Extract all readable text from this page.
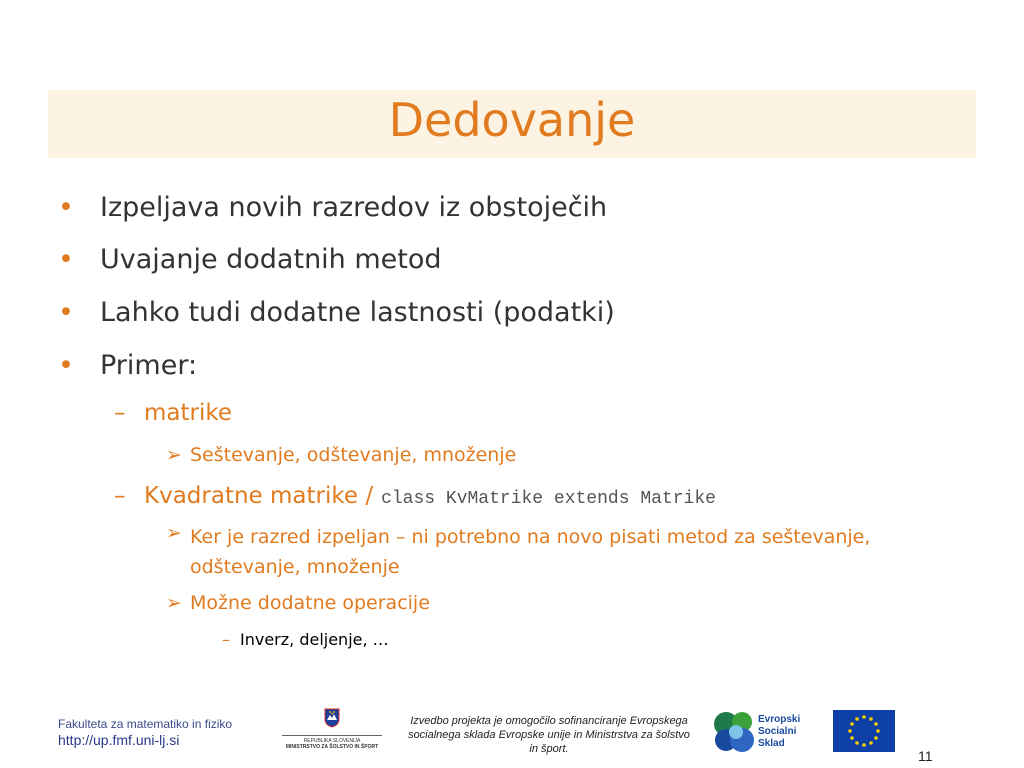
Dedovanje
• Izpeljava novih razredov iz obstoječih
• Uvajanje dodatnih metod
• Lahko tudi dodatne lastnosti (podatki)
• Primer:
– matrike
➢ Seštevanje, odštevanje, množenje
– Kvadratne matrike / class KvMatrike extends Matrike
➢ Ker je razred izpeljan – ni potrebno na novo pisati metod za seštevanje, odštevanje, množenje
➢ Možne dodatne operacije
– Inverz, deljenje, …
Fakulteta za matematiko in fiziko
http://up.fmf.uni-lj.si	REPUBLIKA SLOVENIJA
MINISTRSTVO ZA ŠOLSTVO IN ŠPORT
Izvedbo projekta je omogočilo sofinanciranje Evropskega socialnega sklada Evropske unije in Ministrstva za šolstvo in šport.
Evropski
Socialni
Sklad
11
